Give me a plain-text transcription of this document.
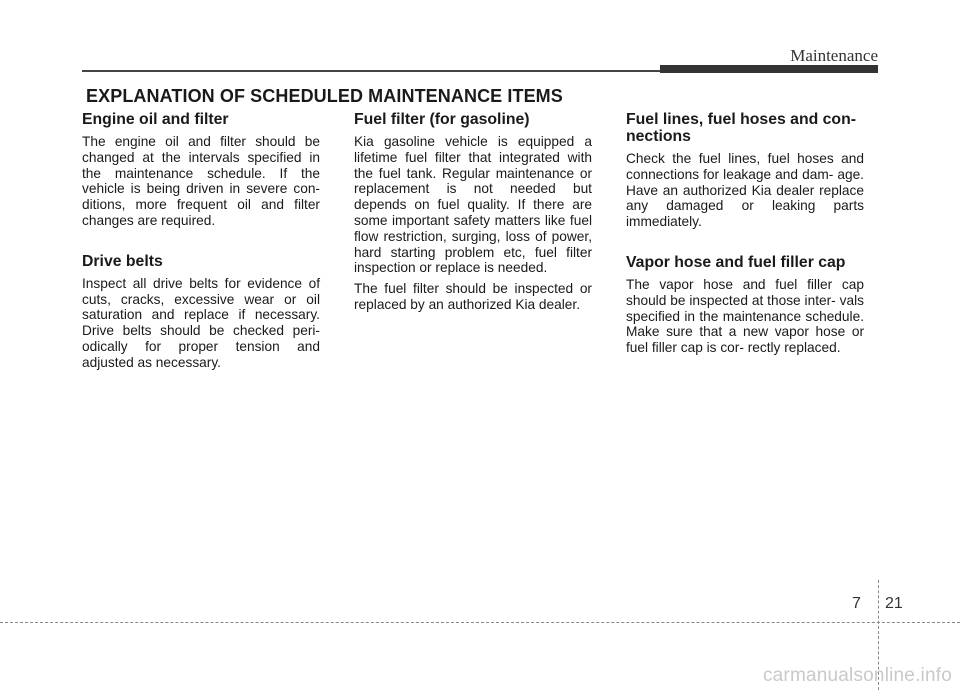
Maintenance
EXPLANATION OF SCHEDULED MAINTENANCE ITEMS
Engine oil and filter

The engine oil and filter should be changed at the intervals specified in the maintenance schedule. If the vehicle is being driven in severe con- ditions, more frequent oil and filter changes are required.

Drive belts

Inspect all drive belts for evidence of cuts, cracks, excessive wear or oil saturation and replace if necessary. Drive belts should be checked peri- odically for proper tension and adjusted as necessary.

Fuel filter (for gasoline)

Kia gasoline vehicle is equipped a lifetime fuel filter that integrated with the fuel tank. Regular maintenance or replacement is not needed but depends on fuel quality. If there are some important safety matters like fuel flow restriction, surging, loss of power, hard starting problem etc, fuel filter inspection or replace is needed.

The fuel filter should be inspected or replaced by an authorized Kia dealer.

Fuel lines, fuel hoses and con- nections

Check the fuel lines, fuel hoses and connections for leakage and dam- age. Have an authorized Kia dealer replace any damaged or leaking parts immediately.

Vapor hose and fuel filler cap

The vapor hose and fuel filler cap should be inspected at those inter- vals specified in the maintenance schedule. Make sure that a new vapor hose or fuel filler cap is cor- rectly replaced.

7 21
carmanualsonline.info
